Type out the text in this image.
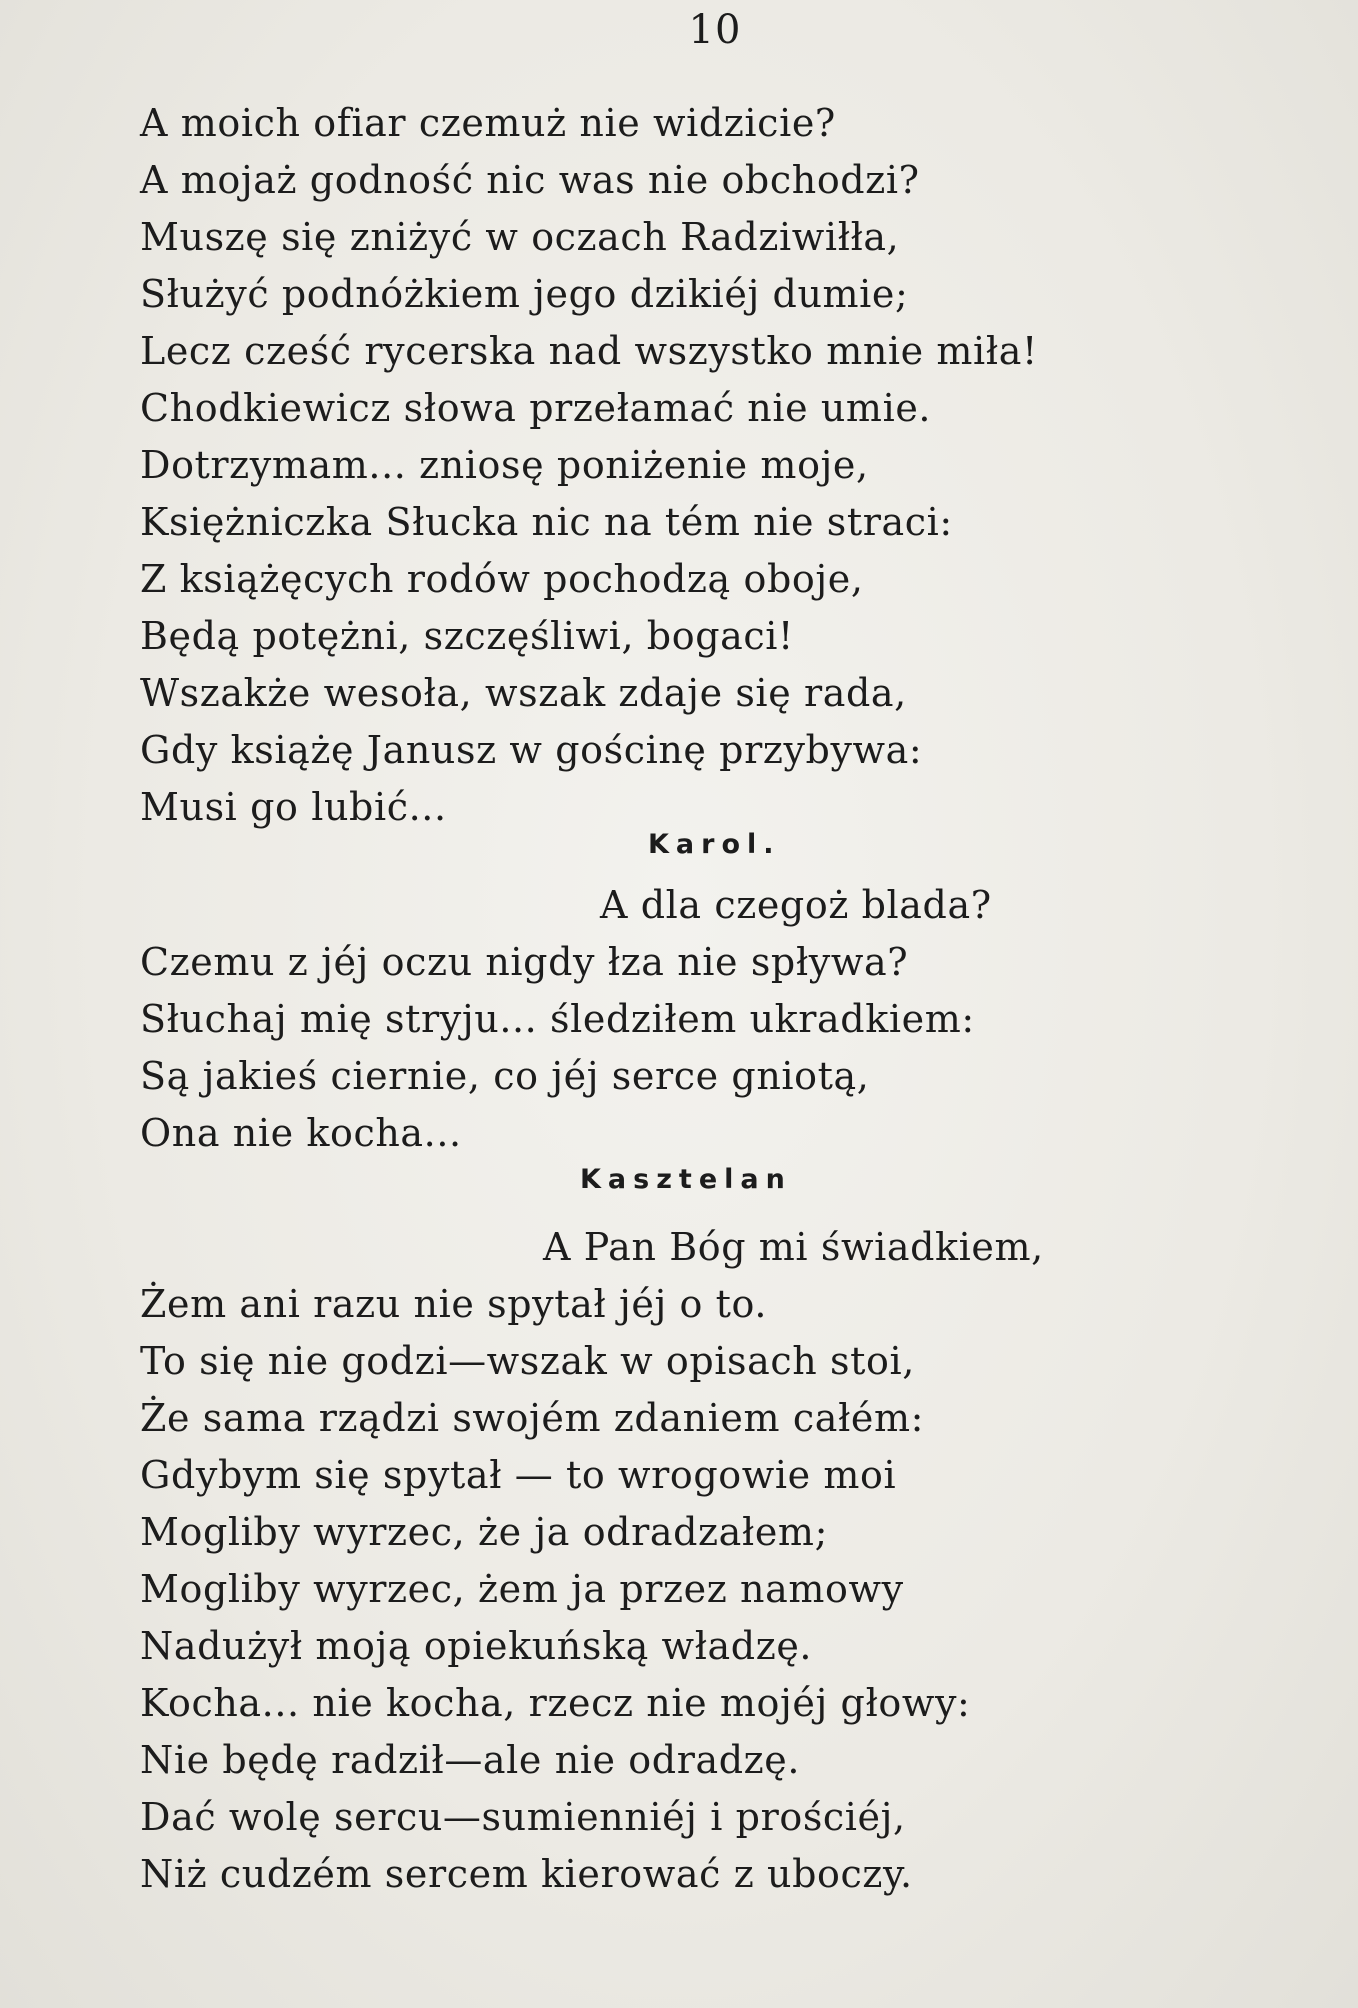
10
A moich ofiar czemuż nie widzicie?
A mojaż godność nic was nie obchodzi?
Muszę się zniżyć w oczach Radziwiłła,
Służyć podnóżkiem jego dzikiéj dumie;
Lecz cześć rycerska nad wszystko mnie miła!
Chodkiewicz słowa przełamać nie umie.
Dotrzymam... zniosę poniżenie moje,
Księżniczka Słucka nic na tém nie straci:
Z książęcych rodów pochodzą oboje,
Będą potężni, szczęśliwi, bogaci!
Wszakże wesoła, wszak zdaje się rada,
Gdy książę Janusz w gościnę przybywa:
Musi go lubić...
Karol.
A dla czegoż blada?
Czemu z jéj oczu nigdy łza nie spływa?
Słuchaj mię stryju... śledziłem ukradkiem:
Są jakieś ciernie, co jéj serce gniotą,
Ona nie kocha...
Kasztelan
A Pan Bóg mi świadkiem,
Żem ani razu nie spytał jéj o to.
To się nie godzi—wszak w opisach stoi,
Że sama rządzi swojém zdaniem całém:
Gdybym się spytał — to wrogowie moi
Mogliby wyrzec, że ja odradzałem;
Mogliby wyrzec, żem ja przez namowy
Nadużył moją opiekuńską władzę.
Kocha... nie kocha, rzecz nie mojéj głowy:
Nie będę radził—ale nie odradzę.
Dać wolę sercu—sumienniéj i prościéj,
Niż cudzém sercem kierować z uboczy.
